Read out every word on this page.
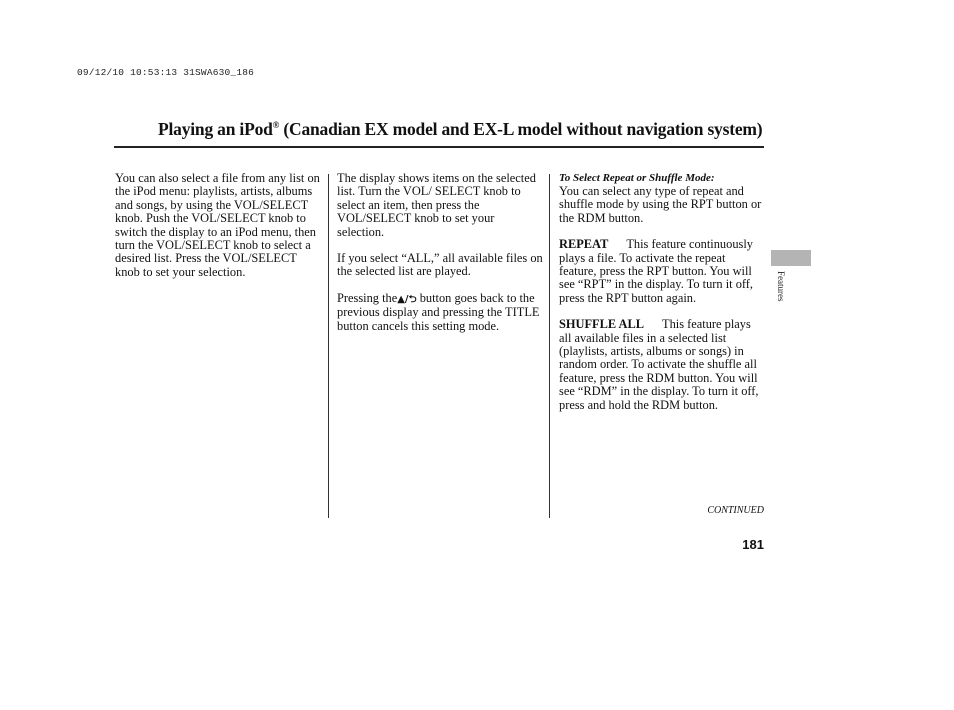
09/12/10 10:53:13 31SWA630_186
Playing an iPod® (Canadian EX model and EX-L model without navigation system)

You can also select a file from any list on the iPod menu: playlists, artists, albums and songs, by using the VOL/SELECT knob. Push the VOL/SELECT knob to switch the display to an iPod menu, then turn the VOL/SELECT knob to select a desired list. Press the VOL/SELECT knob to set your selection.

The display shows items on the selected list. Turn the VOL/ SELECT knob to select an item, then press the VOL/SELECT knob to set your selection.

If you select “ALL,” all available files on the selected list are played.

Pressing the▲/⮌ button goes back to the previous display and pressing the TITLE button cancels this setting mode.

To Select Repeat or Shuffle Mode:

You can select any type of repeat and shuffle mode by using the RPT button or the RDM button.

REPEAT This feature continuously plays a file. To activate the repeat feature, press the RPT button. You will see “RPT” in the display. To turn it off, press the RPT button again.

SHUFFLE ALL This feature plays all available files in a selected list (playlists, artists, albums or songs) in random order. To activate the shuffle all feature, press the RDM button. You will see “RDM” in the display. To turn it off, press and hold the RDM button.

Features
CONTINUED
181
